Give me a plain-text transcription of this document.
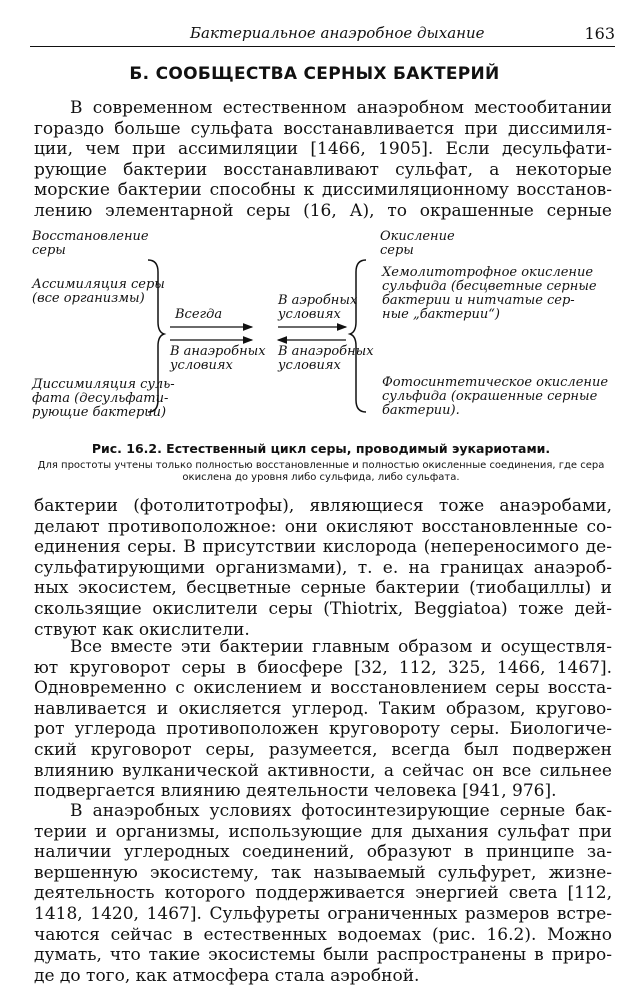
Бактериальное анаэробное дыхание	163
Б. СООБЩЕСТВА СЕРНЫХ БАКТЕРИЙ
В современном естественном анаэробном местообитании
гораздо больше сульфата восстанавливается при диссимиля-
ции, чем при ассимиляции [1466, 1905]. Если десульфати-
рующие бактерии восстанавливают сульфат, а некоторые
морские бактерии способны к диссимиляционному восстанов-
лению элементарной серы (16, А), то окрашенные серные
Восстановление
серы
Окисление
серы
Ассимиляция серы
(все организмы)
Диссимиляция суль-
фата (десульфати-
рующие бактерии)
Хемолитотрофное окисление
сульфида (бесцветные серные
бактерии и нитчатые сер-
ные „бактерии“)
Фотосинтетическое окисление
сульфида (окрашенные серные
бактерии).
Всегда
В аэробных
условиях
В анаэробных
условиях
В анаэробных
условиях
Рис. 16.2. Естественный цикл серы, проводимый эукариотами.
Для простоты учтены только полностью восстановленные и полностью окисленные соединения, где сера окислена до уровня либо сульфида, либо сульфата.
бактерии (фотолитотрофы), являющиеся тоже анаэробами,
делают противоположное: они окисляют восстановленные со-
единения серы. В присутствии кислорода (непереносимого де-
сульфатирующими организмами), т. е. на границах анаэроб-
ных экосистем, бесцветные серные бактерии (тиобациллы) и
скользящие окислители серы (Thiotrix, Beggiatoa) тоже дей-
ствуют как окислители.
Все вместе эти бактерии главным образом и осуществля-
ют круговорот серы в биосфере [32, 112, 325, 1466, 1467].
Одновременно с окислением и восстановлением серы восста-
навливается и окисляется углерод. Таким образом, кругово-
рот углерода противоположен круговороту серы. Биологиче-
ский круговорот серы, разумеется, всегда был подвержен
влиянию вулканической активности, а сейчас он все сильнее
подвергается влиянию деятельности человека [941, 976].
В анаэробных условиях фотосинтезирующие серные бак-
терии и организмы, использующие для дыхания сульфат при
наличии углеродных соединений, образуют в принципе за-
вершенную экосистему, так называемый сульфурет, жизне-
деятельность которого поддерживается энергией света [112,
1418, 1420, 1467]. Сульфуреты ограниченных размеров встре-
чаются сейчас в естественных водоемах (рис. 16.2). Можно
думать, что такие экосистемы были распространены в приро-
де до того, как атмосфера стала аэробной.
